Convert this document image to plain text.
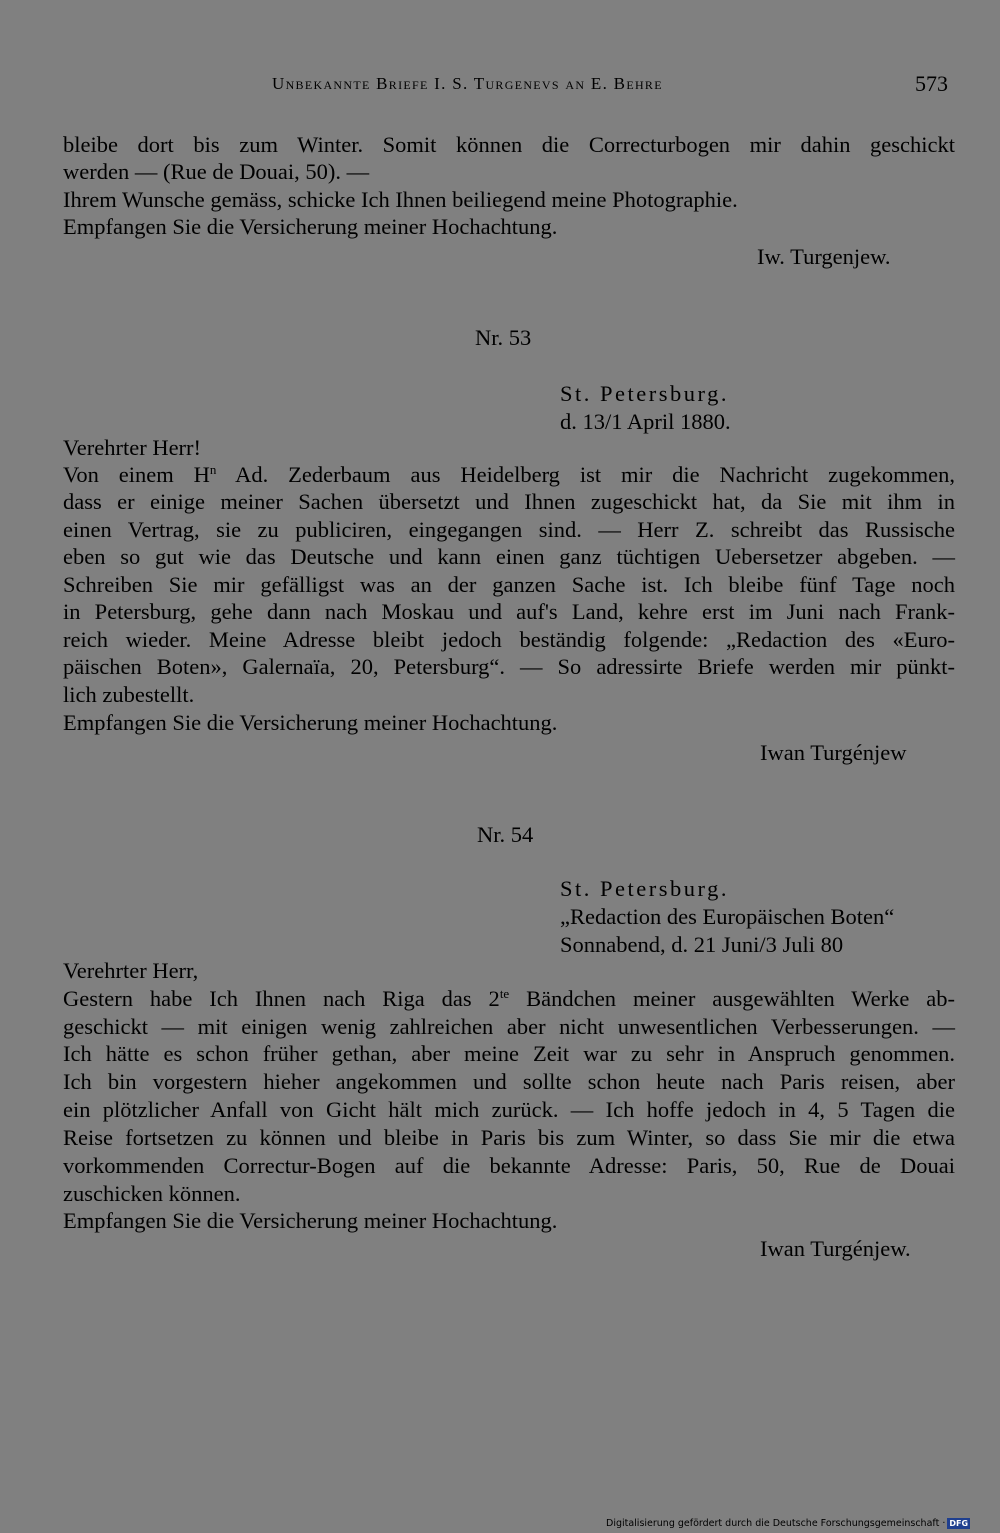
Unbekannte Briefe I. S. Turgenevs an E. Behre	573
bleibe dort bis zum Winter. Somit können die Correcturbogen mir dahin geschickt
werden — (Rue de Douai, 50). —
Ihrem Wunsche gemäss, schicke Ich Ihnen beiliegend meine Photographie.
Empfangen Sie die Versicherung meiner Hochachtung.
Iw. Turgenjew.
Nr. 53
St. Petersburg.
d. 13/1 April 1880.
Verehrter Herr!
Von einem $H^n$ Ad. Zederbaum aus Heidelberg ist mir die Nachricht zugekommen,
dass er einige meiner Sachen übersetzt und Ihnen zugeschickt hat, da Sie mit ihm in
einen Vertrag, sie zu publiciren, eingegangen sind. — Herr Z. schreibt das Russische
eben so gut wie das Deutsche und kann einen ganz tüchtigen Uebersetzer abgeben. —
Schreiben Sie mir gefälligst was an der ganzen Sache ist. Ich bleibe fünf Tage noch
in Petersburg, gehe dann nach Moskau und auf's Land, kehre erst im Juni nach Frank-
reich wieder. Meine Adresse bleibt jedoch beständig folgende: „Redaction des «Euro-
päischen Boten», Galernaïa, 20, Petersburg“. — So adressirte Briefe werden mir pünkt-
lich zubestellt.
Empfangen Sie die Versicherung meiner Hochachtung.
Iwan Turgénjew
Nr. 54
St. Petersburg.
„Redaction des Europäischen Boten“
Sonnabend, d. 21 Juni/3 Juli 80
Verehrter Herr,
Gestern habe Ich Ihnen nach Riga das $2^{te}$ Bändchen meiner ausgewählten Werke ab-
geschickt — mit einigen wenig zahlreichen aber nicht unwesentlichen Verbesserungen. —
Ich hätte es schon früher gethan, aber meine Zeit war zu sehr in Anspruch genommen.
Ich bin vorgestern hieher angekommen und sollte schon heute nach Paris reisen, aber
ein plötzlicher Anfall von Gicht hält mich zurück. — Ich hoffe jedoch in 4, 5 Tagen die
Reise fortsetzen zu können und bleibe in Paris bis zum Winter, so dass Sie mir die etwa
vorkommenden Correctur-Bogen auf die bekannte Adresse: Paris, 50, Rue de Douai
zuschicken können.
Empfangen Sie die Versicherung meiner Hochachtung.
Iwan Turgénjew.
Digitalisierung gefördert durch die Deutsche Forschungsgemeinschaft · DFG
